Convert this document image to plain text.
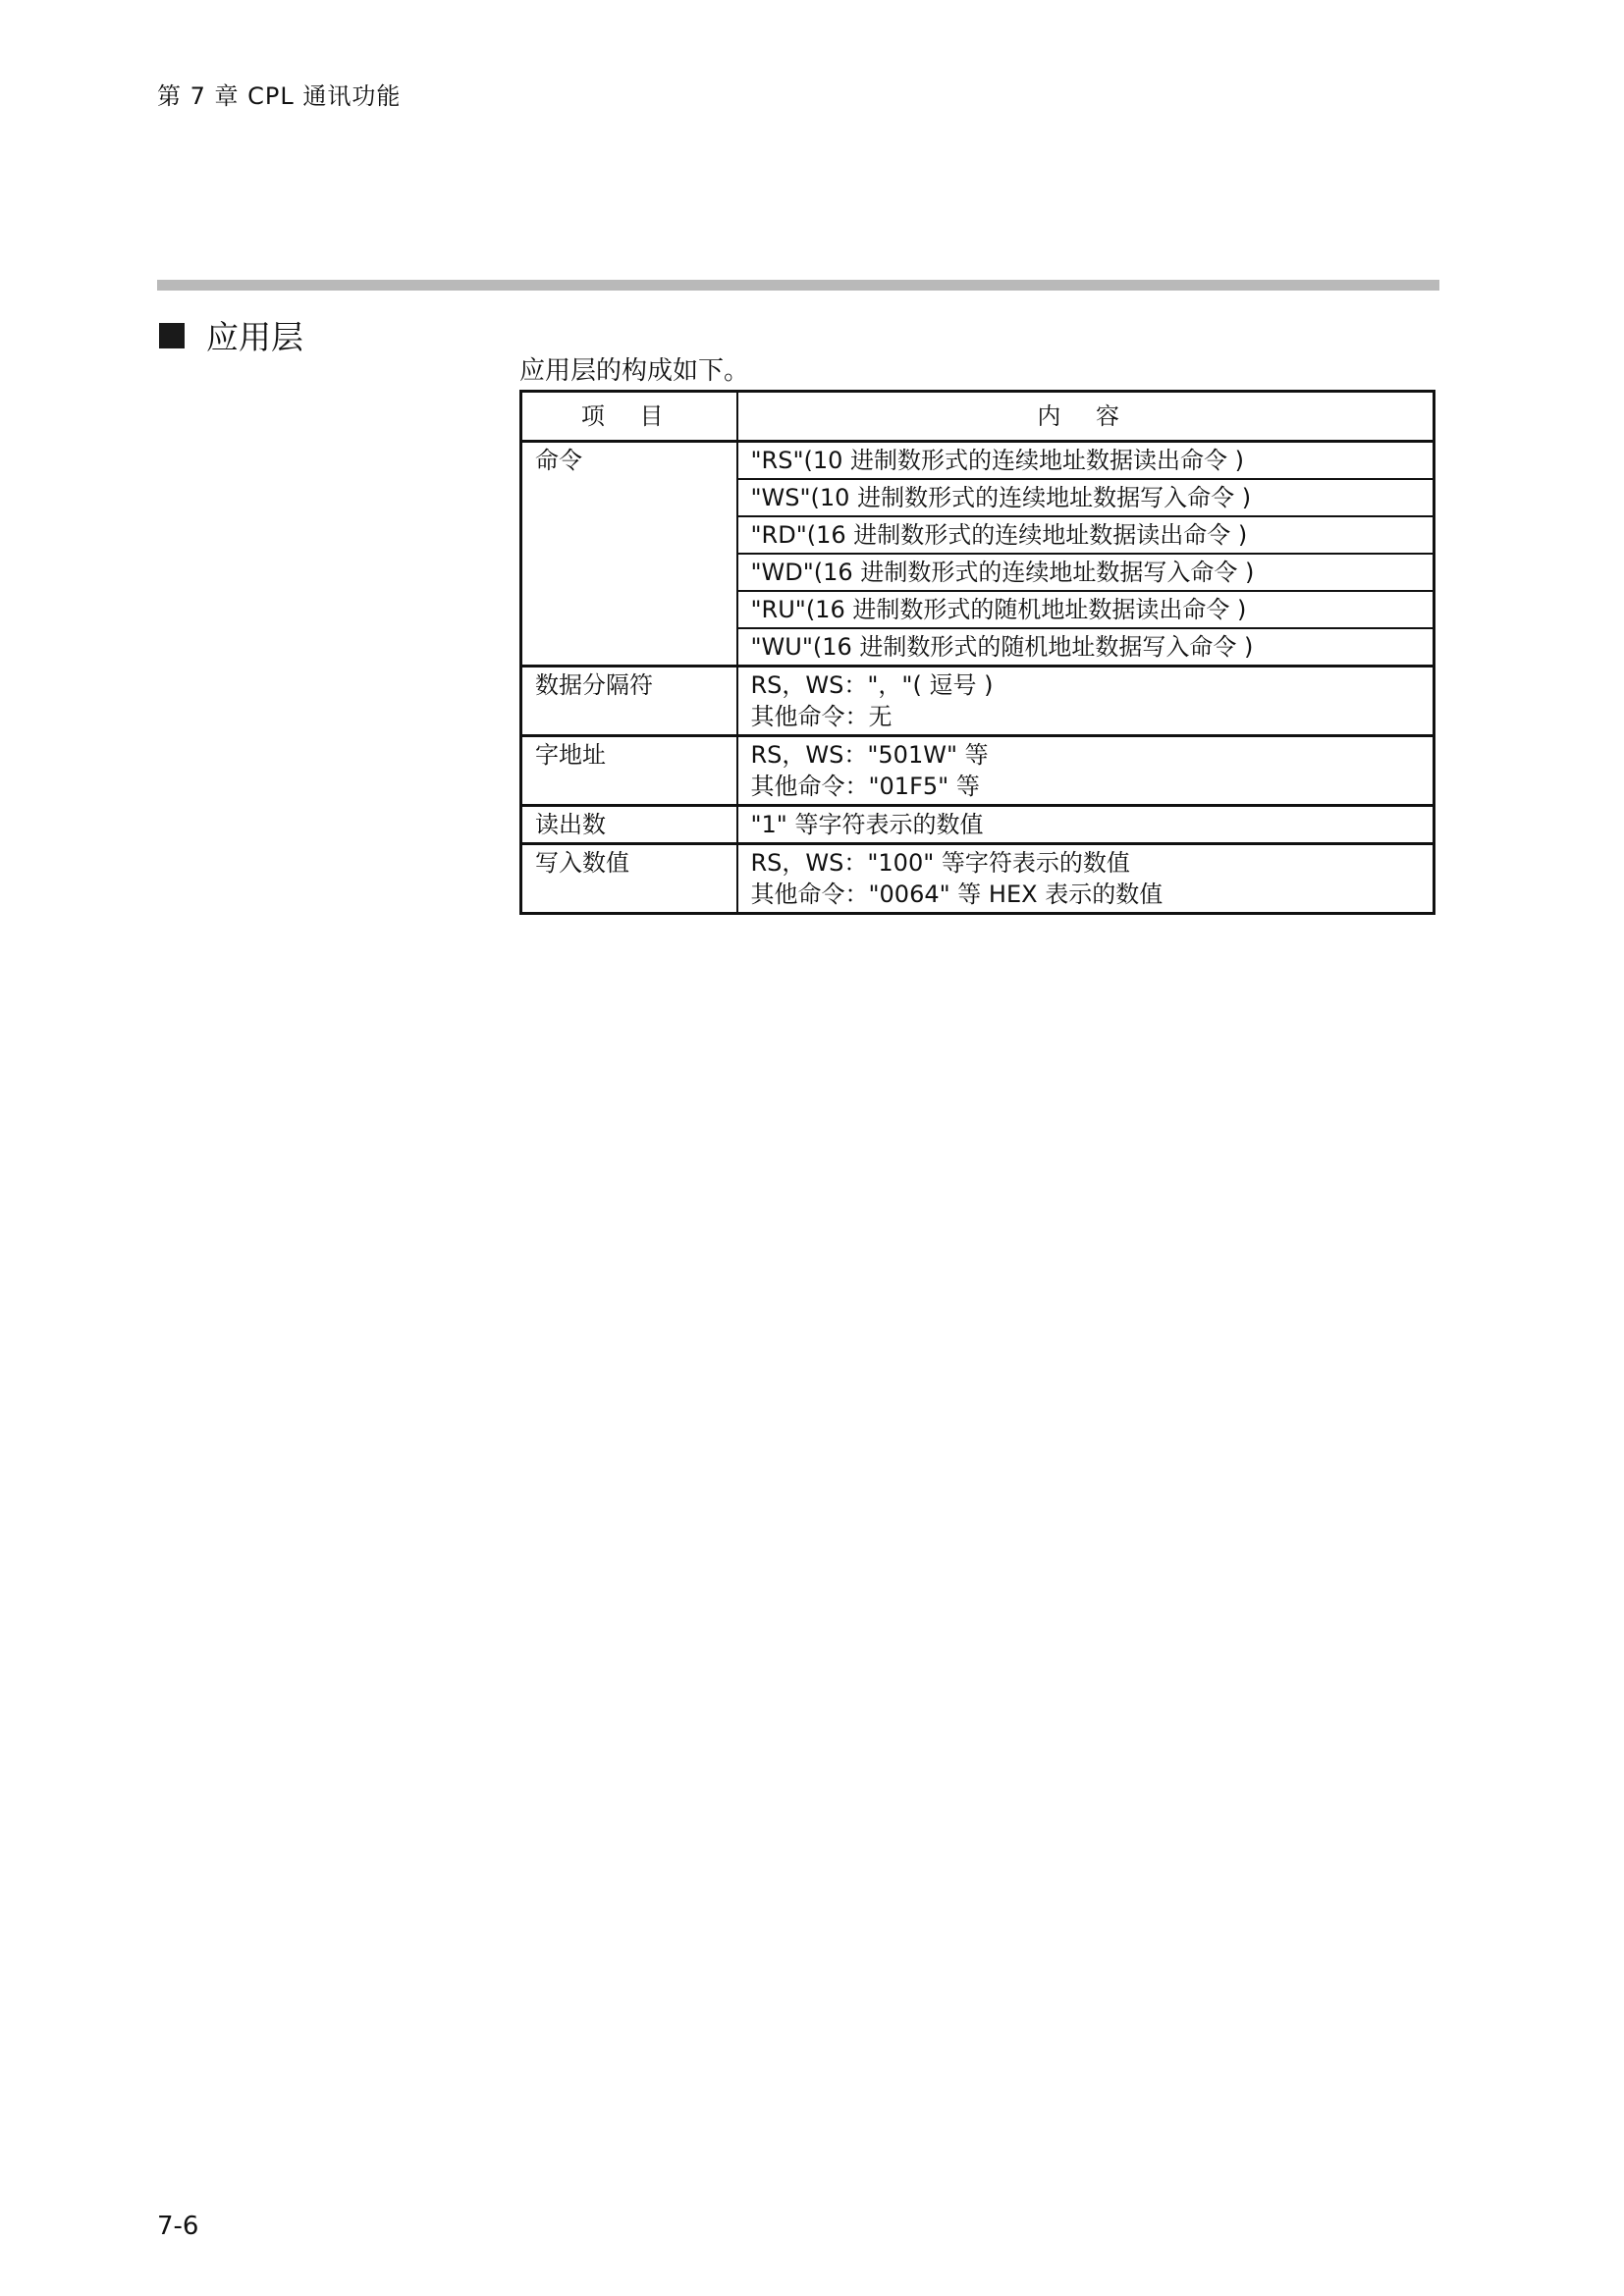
第 7 章 CPL 通讯功能
应用层
应用层的构成如下。
项 目	内 容
命令	"RS"(10 进制数形式的连续地址数据读出命令 )
	"WS"(10 进制数形式的连续地址数据写入命令 )
	"RD"(16 进制数形式的连续地址数据读出命令 )
	"WD"(16 进制数形式的连续地址数据写入命令 )
	"RU"(16 进制数形式的随机地址数据读出命令 )
	"WU"(16 进制数形式的随机地址数据写入命令 )
数据分隔符	RS，WS："，"( 逗号 )
其他命令：无

字地址	RS，WS："501W" 等
其他命令："01F5" 等

读出数	"1" 等字符表示的数值

写入数值	RS，WS："100" 等字符表示的数值
其他命令："0064" 等 HEX 表示的数值
7-6
